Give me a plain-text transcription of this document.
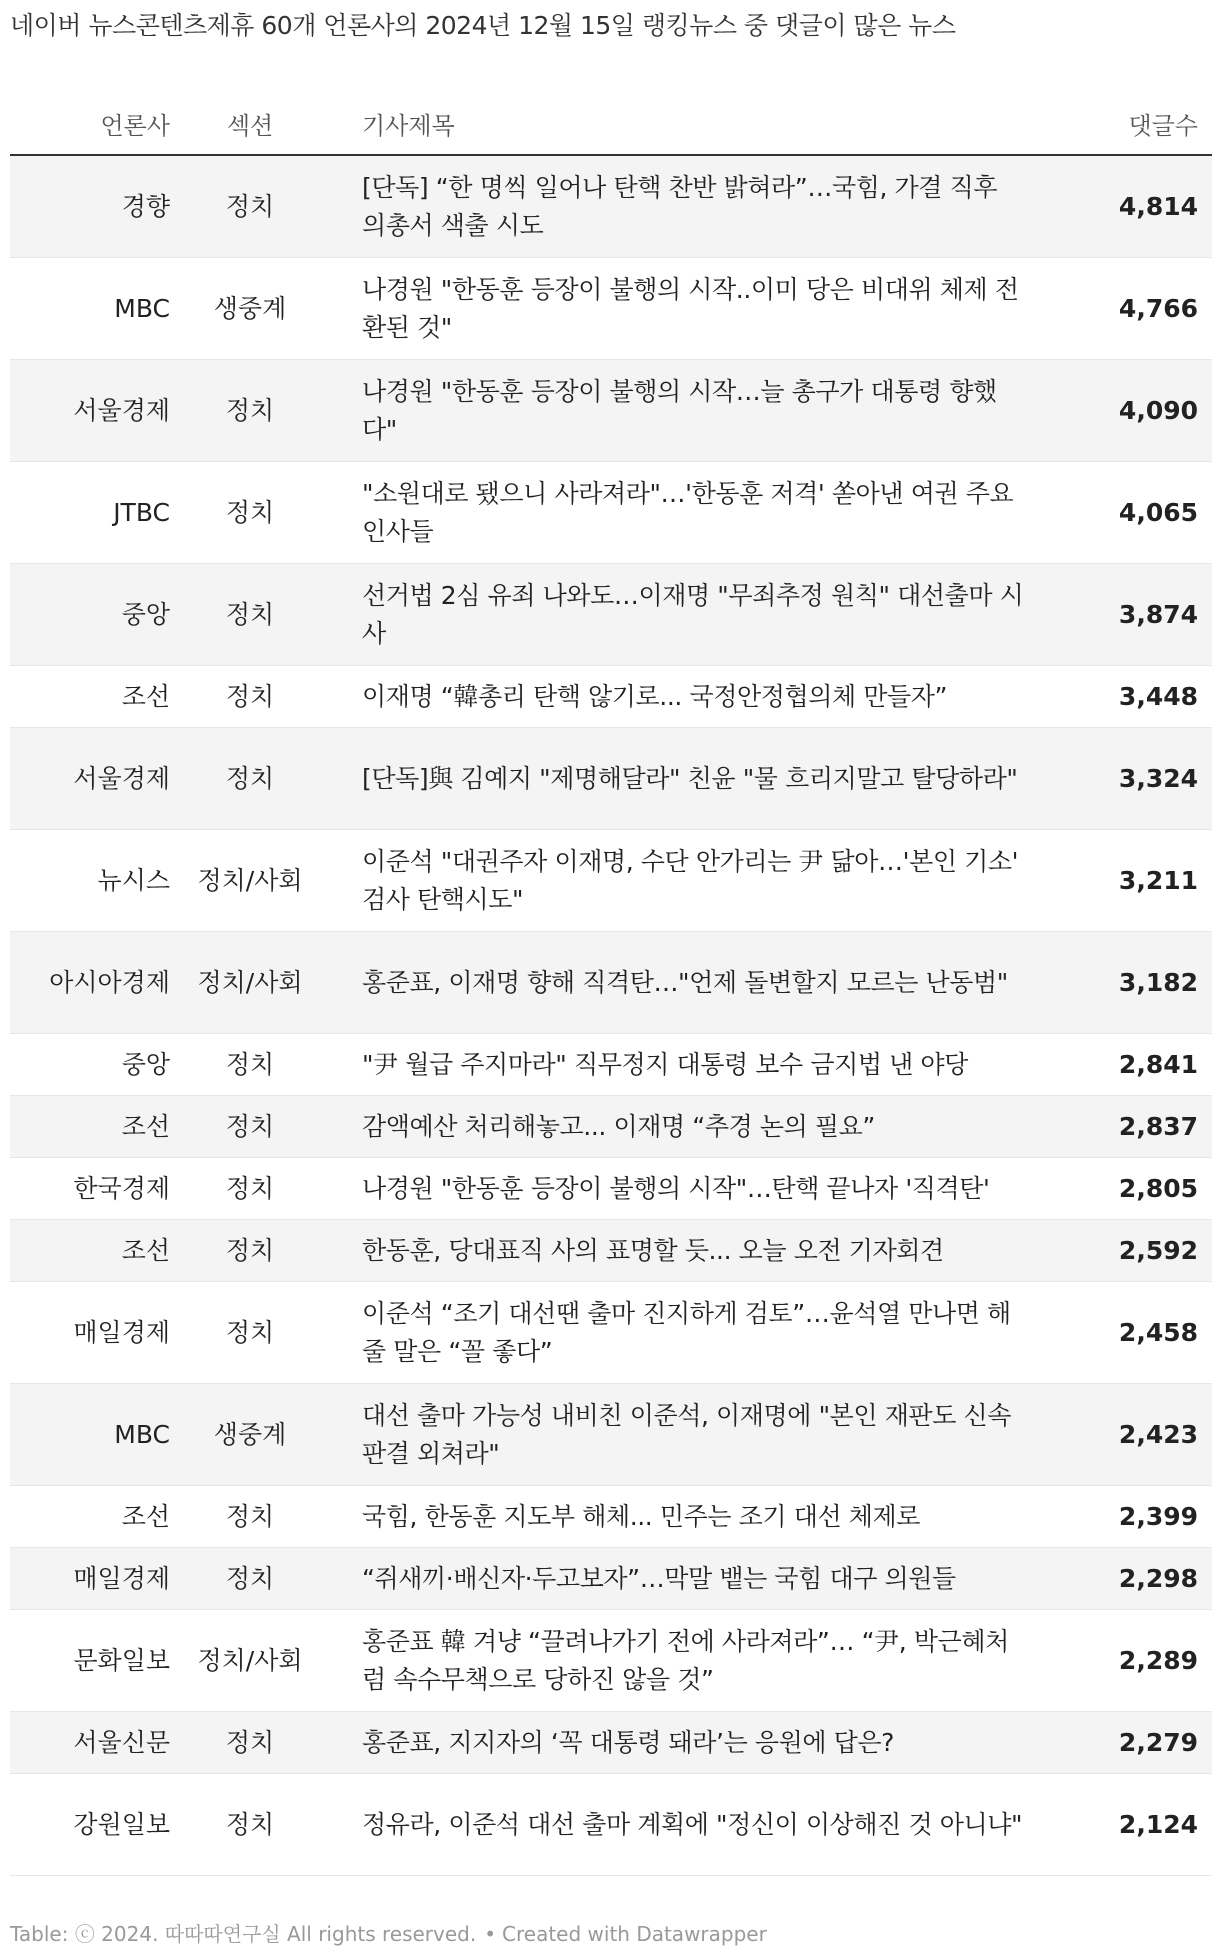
네이버 뉴스콘텐츠제휴 60개 언론사의 2024년 12월 15일 랭킹뉴스 중 댓글이 많은 뉴스
언론사	섹션	기사제목	댓글수
경향	정치	[단독] “한 명씩 일어나 탄핵 찬반 밝혀라”…국힘, 가결 직후 의총서 색출 시도	4,814
MBC	생중계	나경원 "한동훈 등장이 불행의 시작..이미 당은 비대위 체제 전환된 것"	4,766
서울경제	정치	나경원 "한동훈 등장이 불행의 시작…늘 총구가 대통령 향했다"	4,090
JTBC	정치	"소원대로 됐으니 사라져라"…'한동훈 저격' 쏟아낸 여권 주요인사들	4,065
중앙	정치	선거법 2심 유죄 나와도…이재명 "무죄추정 원칙" 대선출마 시사	3,874
조선	정치	이재명 “韓총리 탄핵 않기로... 국정안정협의체 만들자”	3,448
서울경제	정치	[단독]與 김예지 "제명해달라" 친윤 "물 흐리지말고 탈당하라"	3,324
뉴시스	정치/사회	이준석 "대권주자 이재명, 수단 안가리는 尹 닮아…'본인 기소' 검사 탄핵시도"	3,211
아시아경제	정치/사회	홍준표, 이재명 향해 직격탄…"언제 돌변할지 모르는 난동범"	3,182
중앙	정치	"尹 월급 주지마라" 직무정지 대통령 보수 금지법 낸 야당	2,841
조선	정치	감액예산 처리해놓고... 이재명 “추경 논의 필요”	2,837
한국경제	정치	나경원 "한동훈 등장이 불행의 시작"…탄핵 끝나자 '직격탄'	2,805
조선	정치	한동훈, 당대표직 사의 표명할 듯... 오늘 오전 기자회견	2,592
매일경제	정치	이준석 “조기 대선땐 출마 진지하게 검토”…윤석열 만나면 해줄 말은 “꼴 좋다”	2,458
MBC	생중계	대선 출마 가능성 내비친 이준석, 이재명에 "본인 재판도 신속 판결 외쳐라"	2,423
조선	정치	국힘, 한동훈 지도부 해체... 민주는 조기 대선 체제로	2,399
매일경제	정치	“쥐새끼·배신자·두고보자”…막말 뱉는 국힘 대구 의원들	2,298
문화일보	정치/사회	홍준표 韓 겨냥 “끌려나가기 전에 사라져라”… “尹, 박근혜처럼 속수무책으로 당하진 않을 것”	2,289
서울신문	정치	홍준표, 지지자의 ‘꼭 대통령 돼라’는 응원에 답은?	2,279
강원일보	정치	정유라, 이준석 대선 출마 계획에 "정신이 이상해진 것 아니냐"	2,124
Table: ⓒ 2024. 따따따연구실 All rights reserved. • Created with Datawrapper
